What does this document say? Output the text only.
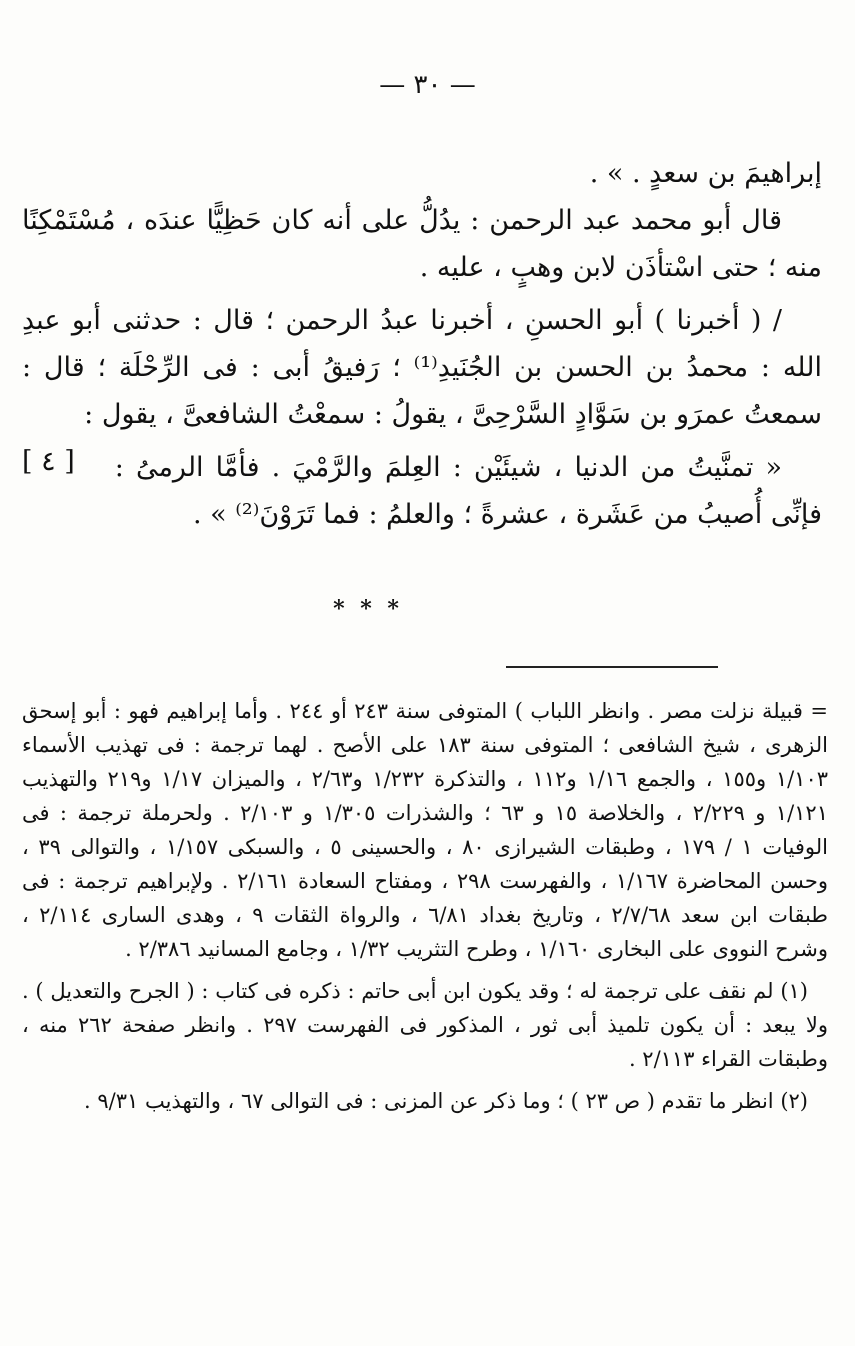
— ٣٠ —

إبراهيمَ بن سعدٍ . » .

قال أبو محمد عبد الرحمن : يدُلُّ على أنه كان حَظِيًّا عندَه ، مُسْتَمْكِنًا منه ؛ حتى اسْتأذَن لابن وهبٍ ، عليه .

/ ( أخبرنا ) أبو الحسنِ ، أخبرنا عبدُ الرحمن ؛ قال : حدثنى أبو عبدِ الله : محمدُ بن الحسن بن الجُنَيدِ⁽¹⁾ ؛ رَفيقُ أبى : فى الرِّحْلَة ؛ قال : سمعتُ عمرَو بن سَوَّادٍ السَّرْحِىَّ ، يقولُ : سمعْتُ الشافعىَّ ، يقول :
[ ٤ ]	« تمنَّيتُ من الدنيا ، شيئَيْن : العِلمَ والرَّمْيَ . فأمَّا الرمىُ : فإنِّى أُصيبُ من عَشَرة ، عشرةً ؛ والعلمُ : فما تَرَوْنَ⁽²⁾ » .

* * *

= قبيلة نزلت مصر . وانظر اللباب ) المتوفى سنة ٢٤٣ أو ٢٤٤ . وأما إبراهيم فهو : أبو إسحق الزهرى ، شيخ الشافعى ؛ المتوفى سنة ١٨٣ على الأصح . لهما ترجمة : فى تهذيب الأسماء ١/١٠٣ و١٥٥ ، والجمع ١/١٦ و١١٢ ، والتذكرة ١/٢٣٢ و٢/٦٣ ، والميزان ١/١٧ و٢١٩ والتهذيب ١/١٢١ و ٢/٢٢٩ ، والخلاصة ١٥ و ٦٣ ؛ والشذرات ١/٣٠٥ و ٢/١٠٣ . ولحرملة ترجمة : فى الوفيات ١ / ١٧٩ ، وطبقات الشيرازى ٨٠ ، والحسينى ٥ ، والسبكى ١/١٥٧ ، والتوالى ٣٩ ، وحسن المحاضرة ١/١٦٧ ، والفهرست ٢٩٨ ، ومفتاح السعادة ٢/١٦١ . ولإبراهيم ترجمة : فى طبقات ابن سعد ٢/٧/٦٨ ، وتاريخ بغداد ٦/٨١ ، والرواة الثقات ٩ ، وهدى السارى ٢/١١٤ ، وشرح النووى على البخارى ١/١٦٠ ، وطرح التثريب ١/٣٢ ، وجامع المسانيد ٢/٣٨٦ .

(١) لم نقف على ترجمة له ؛ وقد يكون ابن أبى حاتم : ذكره فى كتاب : ( الجرح والتعديل ) . ولا يبعد : أن يكون تلميذ أبى ثور ، المذكور فى الفهرست ٢٩٧ . وانظر صفحة ٢٦٢ منه ، وطبقات القراء ٢/١١٣ .

(٢) انظر ما تقدم ( ص ٢٣ ) ؛ وما ذكر عن المزنى : فى التوالى ٦٧ ، والتهذيب ٩/٣١ .
